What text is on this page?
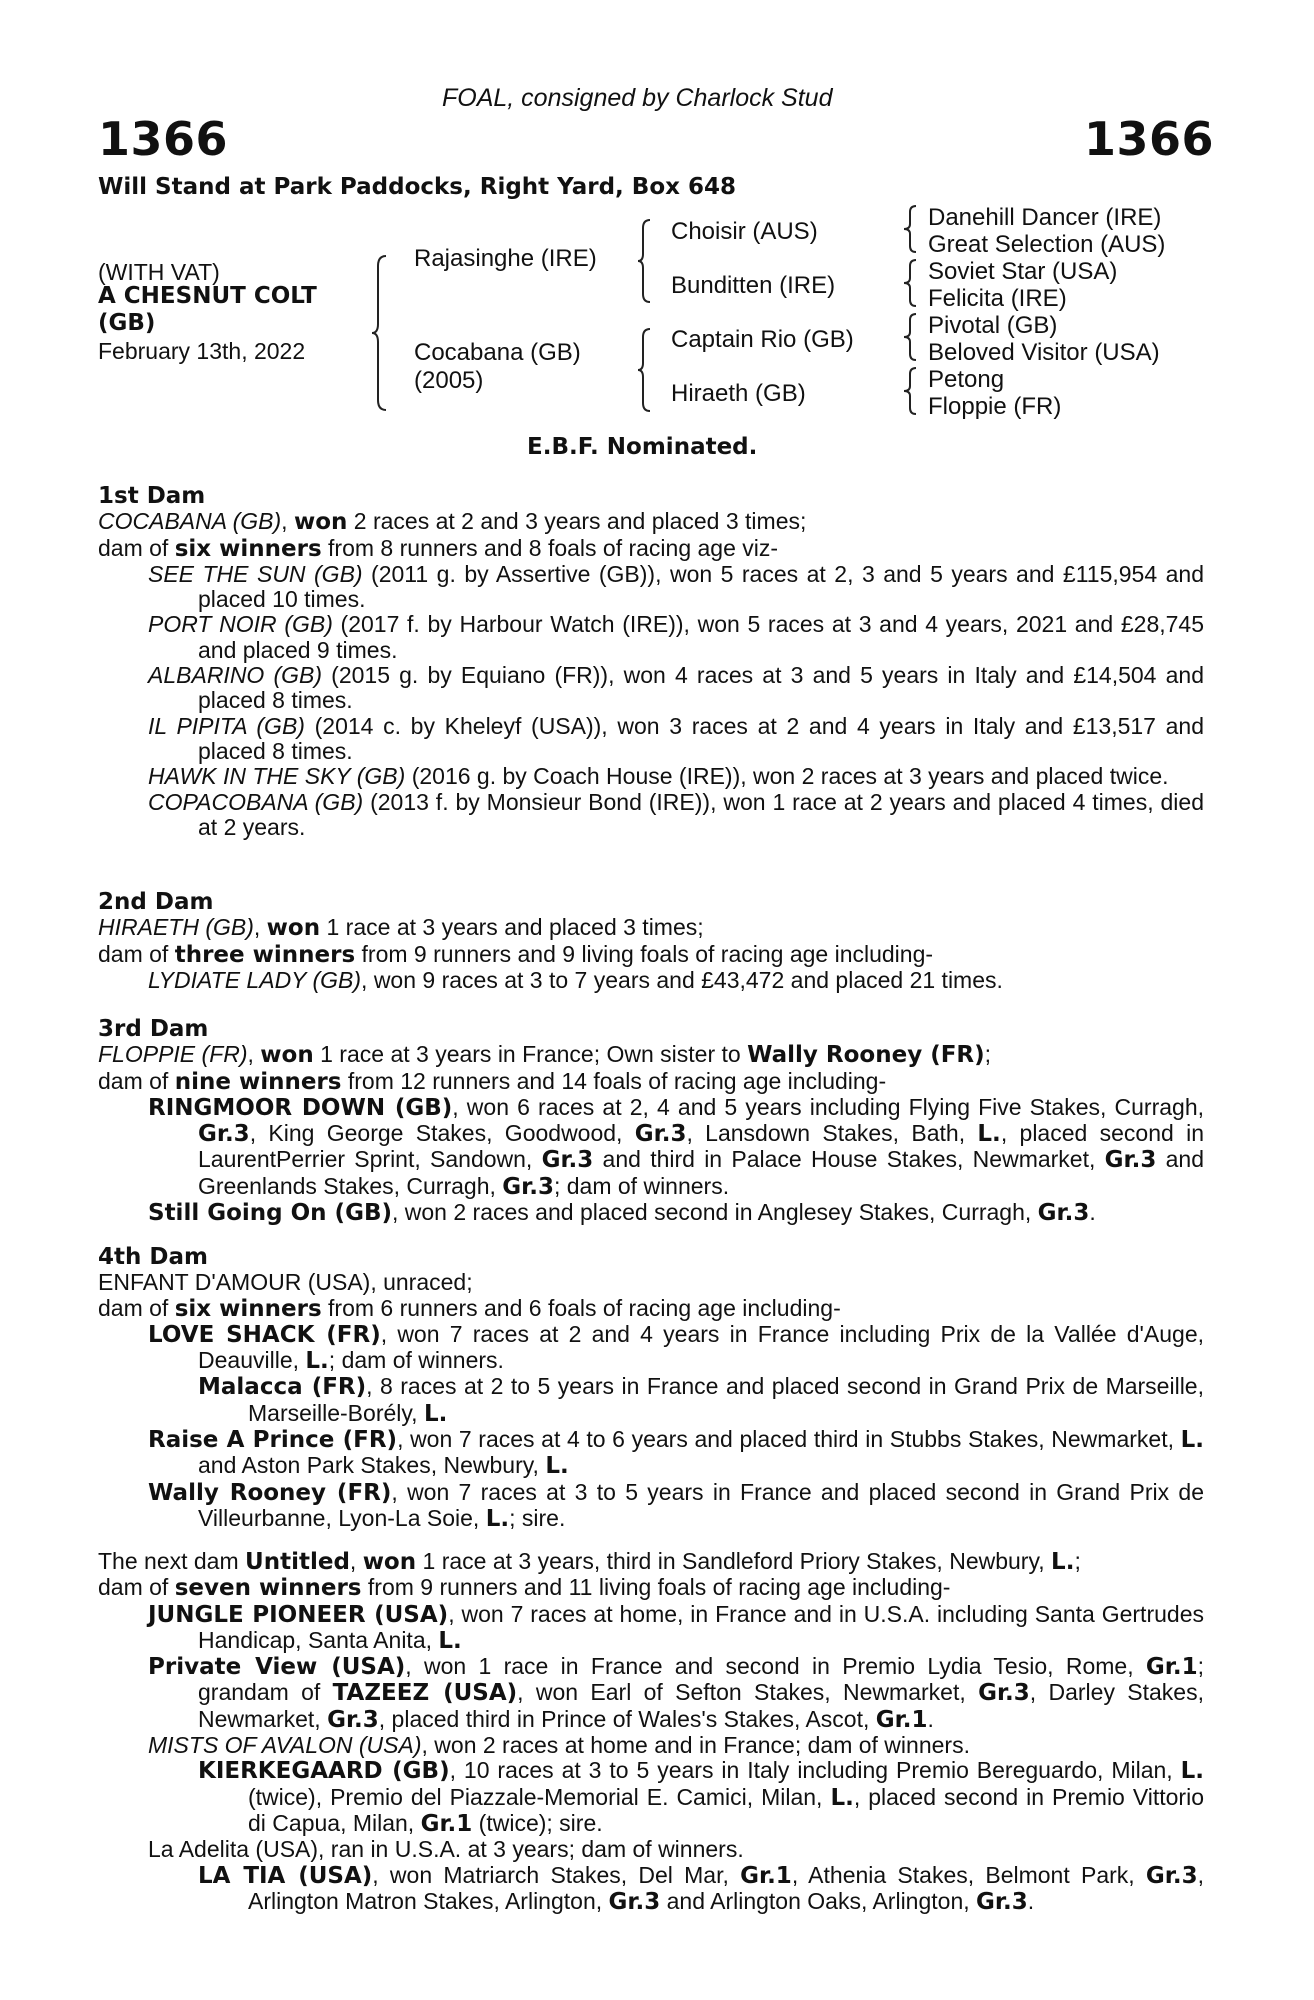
FOAL, consigned by Charlock Stud
1366	1366
Will Stand at Park Paddocks, Right Yard, Box 648
(WITH VAT)
A CHESNUT COLT
(GB)
February 13th, 2022
Rajasinghe (IRE)
Cocabana (GB)
(2005)
Choisir (AUS)
Bunditten (IRE)
Captain Rio (GB)
Hiraeth (GB)
Danehill Dancer (IRE)
Great Selection (AUS)
Soviet Star (USA)
Felicita (IRE)
Pivotal (GB)
Beloved Visitor (USA)
Petong
Floppie (FR)
E.B.F. Nominated.

1st Dam

COCABANA (GB), won 2 races at 2 and 3 years and placed 3 times;

dam of six winners from 8 runners and 8 foals of racing age viz-

SEE THE SUN (GB) (2011 g. by Assertive (GB)), won 5 races at 2, 3 and 5 years and £115,954 and placed 10 times.

PORT NOIR (GB) (2017 f. by Harbour Watch (IRE)), won 5 races at 3 and 4 years, 2021 and £28,745 and placed 9 times.

ALBARINO (GB) (2015 g. by Equiano (FR)), won 4 races at 3 and 5 years in Italy and £14,504 and placed 8 times.

IL PIPITA (GB) (2014 c. by Kheleyf (USA)), won 3 races at 2 and 4 years in Italy and £13,517 and placed 8 times.

HAWK IN THE SKY (GB) (2016 g. by Coach House (IRE)), won 2 races at 3 years and placed twice.

COPACOBANA (GB) (2013 f. by Monsieur Bond (IRE)), won 1 race at 2 years and placed 4 times, died at 2 years.

2nd Dam

HIRAETH (GB), won 1 race at 3 years and placed 3 times;

dam of three winners from 9 runners and 9 living foals of racing age including-

LYDIATE LADY (GB), won 9 races at 3 to 7 years and £43,472 and placed 21 times.

3rd Dam

FLOPPIE (FR), won 1 race at 3 years in France; Own sister to Wally Rooney (FR);

dam of nine winners from 12 runners and 14 foals of racing age including-

RINGMOOR DOWN (GB), won 6 races at 2, 4 and 5 years including Flying Five Stakes, Curragh, Gr.3, King George Stakes, Goodwood, Gr.3, Lansdown Stakes, Bath, L., placed second in LaurentPerrier Sprint, Sandown, Gr.3 and third in Palace House Stakes, Newmarket, Gr.3 and Greenlands Stakes, Curragh, Gr.3; dam of winners.

Still Going On (GB), won 2 races and placed second in Anglesey Stakes, Curragh, Gr.3.

4th Dam

ENFANT D'AMOUR (USA), unraced;

dam of six winners from 6 runners and 6 foals of racing age including-

LOVE SHACK (FR), won 7 races at 2 and 4 years in France including Prix de la Vallée d'Auge, Deauville, L.; dam of winners.

Malacca (FR), 8 races at 2 to 5 years in France and placed second in Grand Prix de Marseille, Marseille-Borély, L.

Raise A Prince (FR), won 7 races at 4 to 6 years and placed third in Stubbs Stakes, Newmarket, L. and Aston Park Stakes, Newbury, L.

Wally Rooney (FR), won 7 races at 3 to 5 years in France and placed second in Grand Prix de Villeurbanne, Lyon-La Soie, L.; sire.

The next dam Untitled, won 1 race at 3 years, third in Sandleford Priory Stakes, Newbury, L.;

dam of seven winners from 9 runners and 11 living foals of racing age including-

JUNGLE PIONEER (USA), won 7 races at home, in France and in U.S.A. including Santa Gertrudes Handicap, Santa Anita, L.

Private View (USA), won 1 race in France and second in Premio Lydia Tesio, Rome, Gr.1; grandam of TAZEEZ (USA), won Earl of Sefton Stakes, Newmarket, Gr.3, Darley Stakes, Newmarket, Gr.3, placed third in Prince of Wales's Stakes, Ascot, Gr.1.

MISTS OF AVALON (USA), won 2 races at home and in France; dam of winners.

KIERKEGAARD (GB), 10 races at 3 to 5 years in Italy including Premio Bereguardo, Milan, L. (twice), Premio del Piazzale-Memorial E. Camici, Milan, L., placed second in Premio Vittorio di Capua, Milan, Gr.1 (twice); sire.

La Adelita (USA), ran in U.S.A. at 3 years; dam of winners.

LA TIA (USA), won Matriarch Stakes, Del Mar, Gr.1, Athenia Stakes, Belmont Park, Gr.3, Arlington Matron Stakes, Arlington, Gr.3 and Arlington Oaks, Arlington, Gr.3.
